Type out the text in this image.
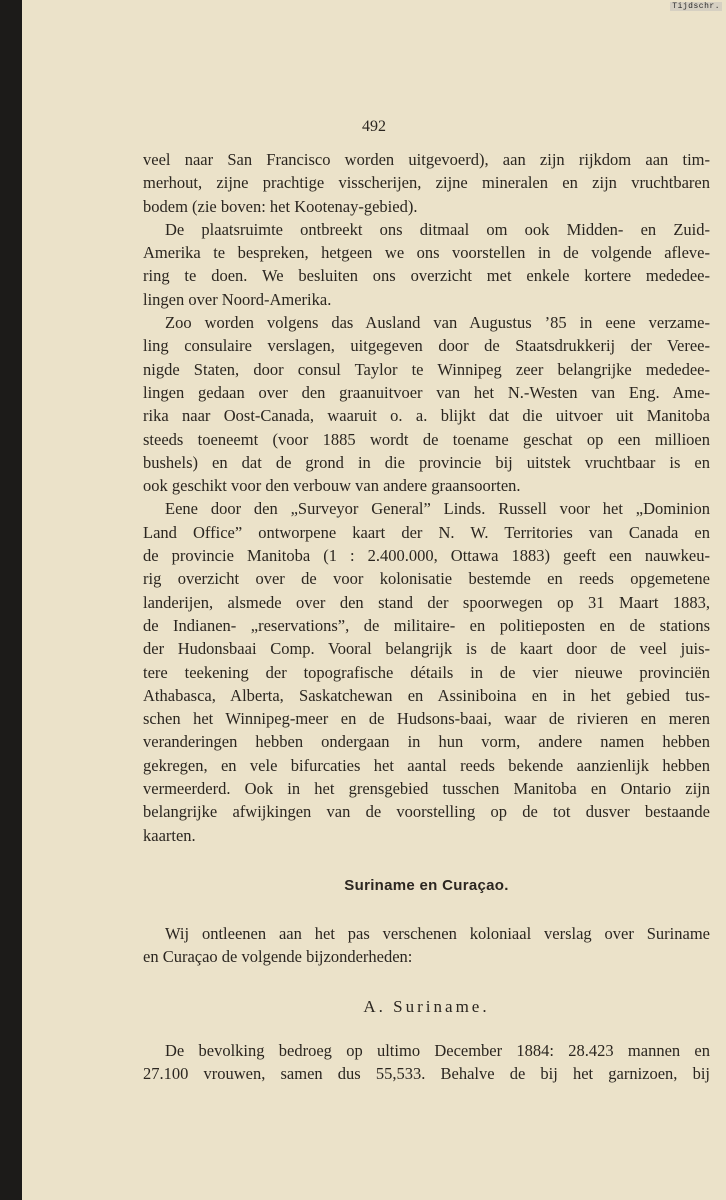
Tijdschr.
492

veel naar San Francisco worden uitgevoerd), aan zijn rijkdom aan tim-

merhout, zijne prachtige visscherijen, zijne mineralen en zijn vruchtbaren

bodem (zie boven: het Kootenay-gebied).

De plaatsruimte ontbreekt ons ditmaal om ook Midden- en Zuid-

Amerika te bespreken, hetgeen we ons voorstellen in de volgende afleve-

ring te doen. We besluiten ons overzicht met enkele kortere mededee-

lingen over Noord-Amerika.

Zoo worden volgens das Ausland van Augustus ’85 in eene verzame-

ling consulaire verslagen, uitgegeven door de Staatsdrukkerij der Veree-

nigde Staten, door consul Taylor te Winnipeg zeer belangrijke mededee-

lingen gedaan over den graanuitvoer van het N.-Westen van Eng. Ame-

rika naar Oost-Canada, waaruit o. a. blijkt dat die uitvoer uit Manitoba

steeds toeneemt (voor 1885 wordt de toename geschat op een millioen

bushels) en dat de grond in die provincie bij uitstek vruchtbaar is en

ook geschikt voor den verbouw van andere graansoorten.

Eene door den „Surveyor General” Linds. Russell voor het „Dominion

Land Office” ontworpene kaart der N. W. Territories van Canada en

de provincie Manitoba (1 : 2.400.000, Ottawa 1883) geeft een nauwkeu-

rig overzicht over de voor kolonisatie bestemde en reeds opgemetene

landerijen, alsmede over den stand der spoorwegen op 31 Maart 1883,

de Indianen- „reservations”, de militaire- en politieposten en de stations

der Hudonsbaai Comp. Vooral belangrijk is de kaart door de veel juis-

tere teekening der topografische détails in de vier nieuwe provinciën

Athabasca, Alberta, Saskatchewan en Assiniboina en in het gebied tus-

schen het Winnipeg-meer en de Hudsons-baai, waar de rivieren en meren

veranderingen hebben ondergaan in hun vorm, andere namen hebben

gekregen, en vele bifurcaties het aantal reeds bekende aanzienlijk hebben

vermeerderd. Ook in het grensgebied tusschen Manitoba en Ontario zijn

belangrijke afwijkingen van de voorstelling op de tot dusver bestaande

kaarten.

Suriname en Curaçao.

Wij ontleenen aan het pas verschenen koloniaal verslag over Suriname

en Curaçao de volgende bijzonderheden:

A. Suriname.

De bevolking bedroeg op ultimo December 1884: 28.423 mannen en

27.100 vrouwen, samen dus 55,533. Behalve de bij het garnizoen, bij
